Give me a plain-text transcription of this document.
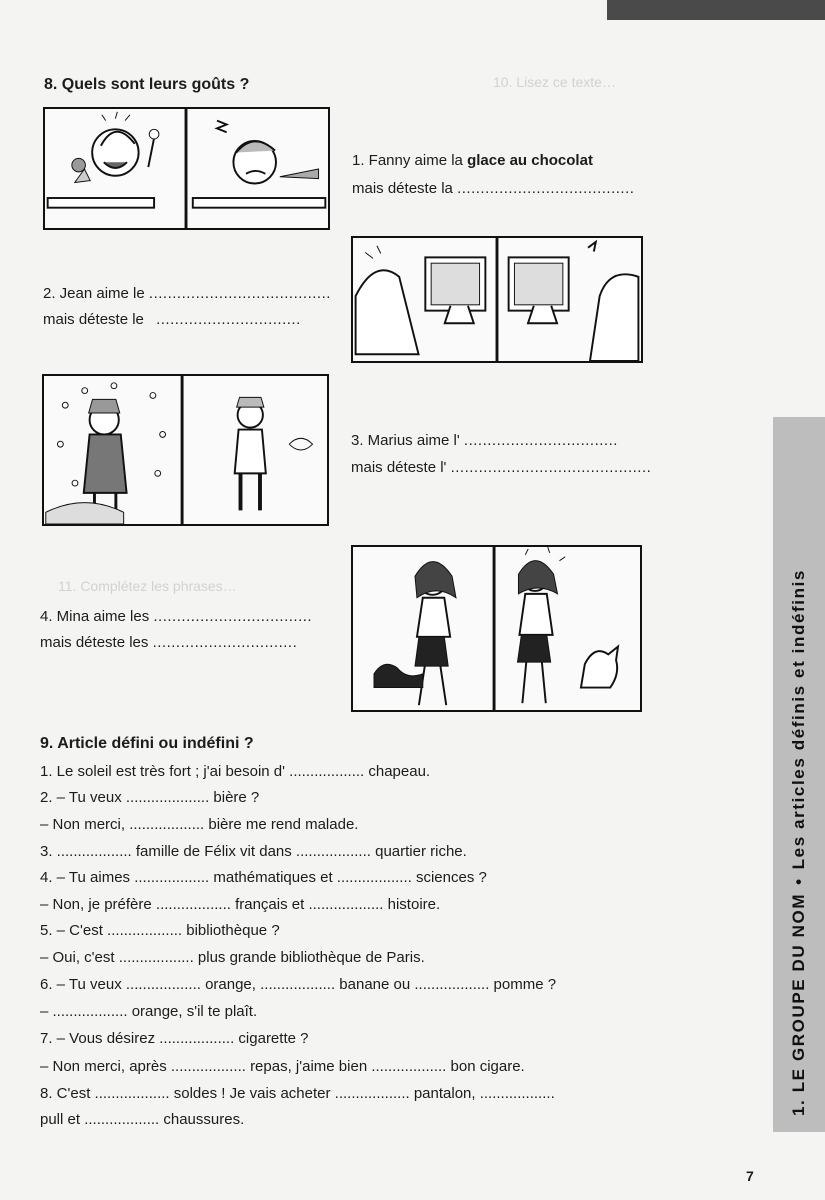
10. Lisez ce texte…
11. Complétez les phrases…
8. Quels sont leurs goûts ?
1. Fanny aime la glace au chocolat
mais déteste la ......................................
2. Jean aime le .......................................
mais déteste le ...............................
3. Marius aime l' .................................
mais déteste l' ...........................................
4. Mina aime les ..................................
mais déteste les ...............................
9. Article défini ou indéfini ?
1. Le soleil est très fort ; j'ai besoin d' .................. chapeau.
2. – Tu veux .................... bière ?
– Non merci, .................. bière me rend malade.
3. .................. famille de Félix vit dans .................. quartier riche.
4. – Tu aimes .................. mathématiques et .................. sciences ?
– Non, je préfère .................. français et .................. histoire.
5. – C'est .................. bibliothèque ?
– Oui, c'est .................. plus grande bibliothèque de Paris.
6. – Tu veux .................. orange, .................. banane ou .................. pomme ?
– .................. orange, s'il te plaît.
7. – Vous désirez .................. cigarette ?
– Non merci, après .................. repas, j'aime bien .................. bon cigare.
8. C'est .................. soldes ! Je vais acheter .................. pantalon, ..................
pull et .................. chaussures.
1. LE GROUPE DU NOM
•
Les articles définis et indéfinis
7
